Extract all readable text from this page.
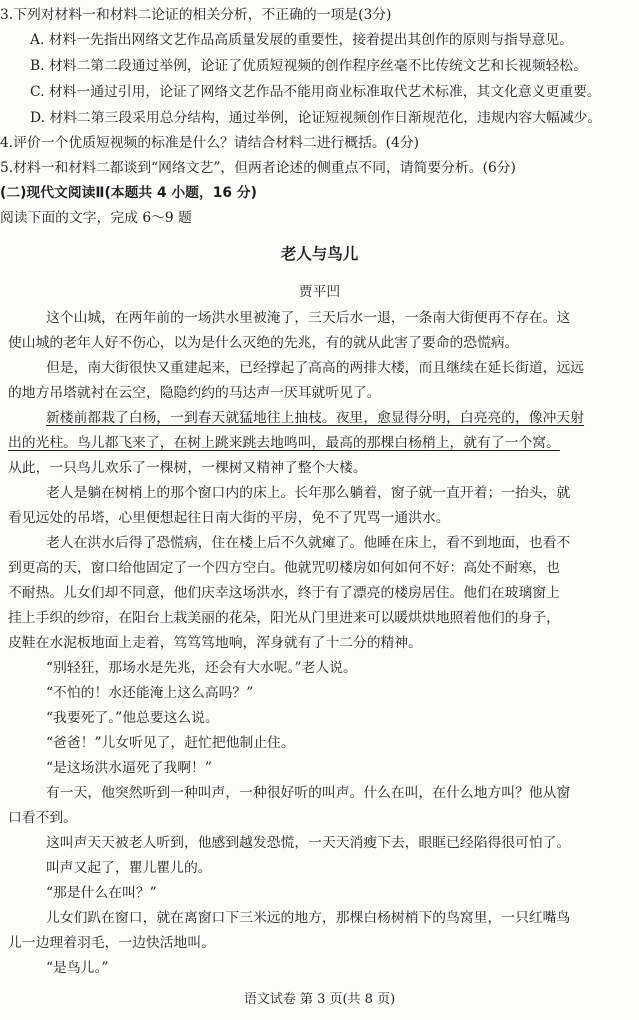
3.下列对材料一和材料二论证的相关分析，不正确的一项是(3分)

A. 材料一先指出网络文艺作品高质量发展的重要性，接着提出其创作的原则与指导意见。

B. 材料二第二段通过举例，论证了优质短视频的创作程序丝毫不比传统文艺和长视频轻松。

C. 材料一通过引用，论证了网络文艺作品不能用商业标准取代艺术标准，其文化意义更重要。

D. 材料二第三段采用总分结构，通过举例，论证短视频创作日渐规范化，违规内容大幅减少。

4.评价一个优质短视频的标准是什么？请结合材料二进行概括。(4分)

5.材料一和材料二都谈到“网络文艺”，但两者论述的侧重点不同，请简要分析。(6分)

(二)现代文阅读Ⅱ(本题共 4 小题，16 分)

阅读下面的文字，完成 6～9 题

老人与鸟儿

贾平凹

这个山城，在两年前的一场洪水里被淹了，三天后水一退，一条南大街便再不存在。这

使山城的老年人好不伤心，以为是什么灭绝的先兆，有的就从此害了要命的恐慌病。

但是，南大街很快又重建起来，已经撑起了高高的两排大楼，而且继续在延长街道，远远

的地方吊塔就衬在云空，隐隐约约的马达声一厌耳就听见了。

新楼前都栽了白杨，一到春天就猛地往上抽枝。夜里，愈显得分明，白亮亮的，像冲天射

出的光柱。鸟儿都飞来了，在树上跳来跳去地鸣叫，最高的那棵白杨梢上，就有了一个窝。

从此，一只鸟儿欢乐了一棵树，一棵树又精神了整个大楼。

老人是躺在树梢上的那个窗口内的床上。长年那么躺着，窗子就一直开着；一抬头，就

看见远处的吊塔，心里便想起往日南大街的平房，免不了咒骂一通洪水。

老人在洪水后得了恐慌病，住在楼上后不久就瘫了。他睡在床上，看不到地面，也看不

到更高的天，窗口给他固定了一个四方空白。他就咒叨楼房如何如何不好：高处不耐寒，也

不耐热。儿女们却不同意，他们庆幸这场洪水，终于有了漂亮的楼房居住。他们在玻璃窗上

挂上手织的纱帘，在阳台上栽美丽的花朵，阳光从门里进来可以暖烘烘地照着他们的身子，

皮鞋在水泥板地面上走着，笃笃笃地响，浑身就有了十二分的精神。

“别轻狂，那场水是先兆，还会有大水呢。”老人说。

“不怕的！水还能淹上这么高吗？”

“我要死了。”他总要这么说。

“爸爸！”儿女听见了，赶忙把他制止住。

“是这场洪水逼死了我啊！”

有一天，他突然听到一种叫声，一种很好听的叫声。什么在叫，在什么地方叫？他从窗

口看不到。

这叫声天天被老人听到，他感到越发恐慌，一天天消瘦下去，眼眶已经陷得很可怕了。

叫声又起了，瞿儿瞿儿的。

“那是什么在叫？”

儿女们趴在窗口，就在离窗口下三米远的地方，那棵白杨树梢下的鸟窝里，一只红嘴鸟

儿一边理着羽毛，一边快活地叫。

“是鸟儿。”

语文试卷 第 3 页(共 8 页)
